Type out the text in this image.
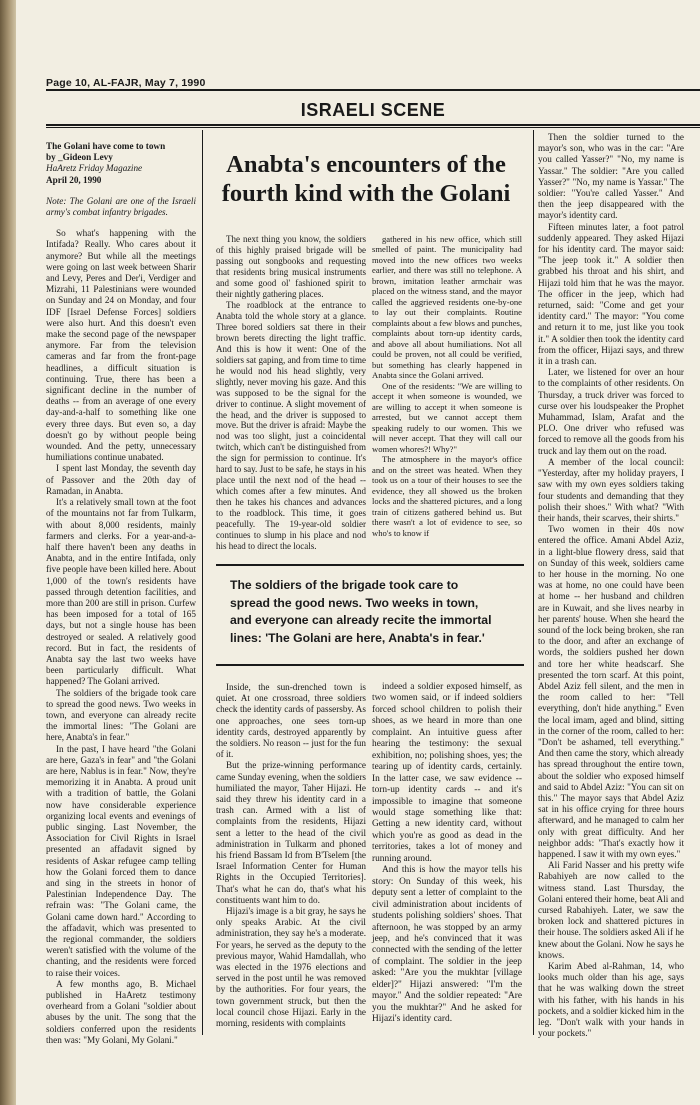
Page 10, AL-FAJR, May 7, 1990
ISRAELI SCENE
The Golani have come to town
by _Gideon Levy
HaAretz Friday Magazine
April 20, 1990

Note: The Golani are one of the Israeli army's combat infantry brigades.

So what's happening with the Intifada? Really. Who cares about it anymore? But while all the meetings were going on last week between Sharir and Levy, Peres and Der'i, Verdiger and Mizrahi, 11 Palestinians were wounded on Sunday and 24 on Monday, and four IDF [Israel Defense Forces] soldiers were also hurt. And this doesn't even make the second page of the newspaper anymore. Far from the television cameras and far from the front-page headlines, a difficult situation is continuing. True, there has been a significant decline in the number of deaths -- from an average of one every day-and-a-half to something like one every three days. But even so, a day doesn't go by without people being wounded. And the petty, unnecessary humiliations continue unabated.

I spent last Monday, the seventh day of Passover and the 20th day of Ramadan, in Anabta.

It's a relatively small town at the foot of the mountains not far from Tulkarm, with about 8,000 residents, mainly farmers and clerks. For a year-and-a-half there haven't been any deaths in Anabta, and in the entire Intifada, only five people have been killed here. About 1,000 of the town's residents have passed through detention facilities, and more than 200 are still in prison. Curfew has been imposed for a total of 165 days, but not a single house has been destroyed or sealed. A relatively good record. But in fact, the residents of Anabta say the last two weeks have been particularly difficult. What happened? The Golani arrived.

The soldiers of the brigade took care to spread the good news. Two weeks in town, and everyone can already recite the immortal lines: "The Golani are here, Anabta's in fear."

In the past, I have heard "the Golani are here, Gaza's in fear" and "the Golani are here, Nablus is in fear." Now, they're memorizing it in Anabta. A proud unit with a tradition of battle, the Golani now have considerable experience organizing local events and evenings of public singing. Last November, the Association for Civil Rights in Israel presented an affadavit signed by residents of Askar refugee camp telling how the Golani forced them to dance and sing in the streets in honor of Palestinian Independence Day. The refrain was: "The Golani came, the Golani came down hard." According to the affadavit, which was presented to the regional commander, the soldiers weren't satisfied with the volume of the chanting, and the residents were forced to raise their voices.

A few months ago, B. Michael published in HaAretz testimony overheard from a Golani "soldier about abuses by the unit. The song that the soldiers conferred upon the residents then was: "My Golani, My Golani."

Anabta's encounters of the fourth kind with the Golani

The next thing you know, the soldiers of this highly praised brigade will be passing out songbooks and requesting that residents bring musical instruments and some good ol' fashioned spirit to their nightly gathering places.

The roadblock at the entrance to Anabta told the whole story at a glance. Three bored soldiers sat there in their brown berets directing the light traffic. And this is how it went: One of the soldiers sat gaping, and from time to time he would nod his head slightly, very slightly, never moving his gaze. And this was supposed to be the signal for the driver to continue. A slight movement of the head, and the driver is supposed to move. But the driver is afraid: Maybe the nod was too slight, just a coincidental twitch, which can't be distinguished from the sign for permission to continue. It's hard to say. Just to be safe, he stays in his place until the next nod of the head -- which comes after a few minutes. And then he takes his chances and advances to the roadblock. This time, it goes peacefully. The 19-year-old soldier continues to slump in his place and nod his head to direct the locals.

gathered in his new office, which still smelled of paint. The municipality had moved into the new offices two weeks earlier, and there was still no telephone. A brown, imitation leather armchair was placed on the witness stand, and the mayor called the aggrieved residents one-by-one to lay out their complaints. Routine complaints about a few blows and punches, complaints about torn-up identity cards, and above all about humiliations. Not all could be proven, not all could be verified, but something has clearly happened in Anabta since the Golani arrived.

One of the residents: "We are willing to accept it when someone is wounded, we are willing to accept it when someone is arrested, but we cannot accept them speaking rudely to our women. This we will never accept. That they will call our women whores?! Why?"

The atmosphere in the mayor's office and on the street was heated. When they took us on a tour of their houses to see the evidence, they all showed us the broken locks and the shattered pictures, and a long train of citizens gathered behind us. But there wasn't a lot of evidence to see, so who's to know if

The soldiers of the brigade took care to spread the good news. Two weeks in town, and everyone can already recite the immortal lines: 'The Golani are here, Anabta's in fear.'

Inside, the sun-drenched town is quiet. At one crossroad, three soldiers check the identity cards of passersby. As one approaches, one sees torn-up identity cards, destroyed apparently by the soldiers. No reason -- just for the fun of it.

But the prize-winning performance came Sunday evening, when the soldiers humiliated the mayor, Taher Hijazi. He said they threw his identity card in a trash can. Armed with a list of complaints from the residents, Hijazi sent a letter to the head of the civil administration in Tulkarm and phoned his friend Bassam Id from B'Tselem [the Israel Information Center for Human Rights in the Occupied Territories]. That's what he can do, that's what his constituents want him to do.

Hijazi's image is a bit gray, he says he only speaks Arabic. At the civil administration, they say he's a moderate. For years, he served as the deputy to the previous mayor, Wahid Hamdallah, who was elected in the 1976 elections and served in the post until he was removed by the authorities. For four years, the town government struck, but then the local council chose Hijazi. Early in the morning, residents with complaints

indeed a soldier exposed himself, as two women said, or if indeed soldiers forced school children to polish their shoes, as we heard in more than one complaint. An intuitive guess after hearing the testimony: the sexual exhibition, no; polishing shoes, yes; the tearing up of identity cards, certainly. In the latter case, we saw evidence -- torn-up identity cards -- and it's impossible to imagine that someone would stage something like that: Getting a new identity card, without which you're as good as dead in the territories, takes a lot of money and running around.

And this is how the mayor tells his story: On Sunday of this week, his deputy sent a letter of complaint to the civil administration about incidents of students polishing soldiers' shoes. That afternoon, he was stopped by an army jeep, and he's convinced that it was connected with the sending of the letter of complaint. The soldier in the jeep asked: "Are you the mukhtar [village elder]?" Hijazi answered: "I'm the mayor." And the soldier repeated: "Are you the mukhtar?" And he asked for Hijazi's identity card.

Then the soldier turned to the mayor's son, who was in the car: "Are you called Yasser?" "No, my name is Yassar." The soldier: "Are you called Yasser?" "No, my name is Yassar." The soldier: "You're called Yasser." And then the jeep disappeared with the mayor's identity card.

Fifteen minutes later, a foot patrol suddenly appeared. They asked Hijazi for his identity card. The mayor said: "The jeep took it." A soldier then grabbed his throat and his shirt, and Hijazi told him that he was the mayor. The officer in the jeep, which had returned, said: "Come and get your identity card." The mayor: "You come and return it to me, just like you took it." A soldier then took the identity card from the officer, Hijazi says, and threw it in a trash can.

Later, we listened for over an hour to the complaints of other residents. On Thursday, a truck driver was forced to curse over his loudspeaker the Prophet Muhammad, Islam, Arafat and the PLO. One driver who refused was forced to remove all the goods from his truck and lay them out on the road.

A member of the local council: "Yesterday, after my holiday prayers, I saw with my own eyes soldiers taking four students and demanding that they polish their shoes." With what? "With their hands, their scarves, their shirts."

Two women in their 40s now entered the office. Amani Abdel Aziz, in a light-blue flowery dress, said that on Sunday of this week, soldiers came to her house in the morning. No one was at home, no one could have been at home -- her husband and children are in Kuwait, and she lives nearby in her parents' house. When she heard the sound of the lock being broken, she ran to the door, and after an exchange of words, the soldiers pushed her down and tore her white headscarf. She presented the torn scarf. At this point, Abdel Aziz fell silent, and the men in the room called to her: "Tell everything, don't hide anything." Even the local imam, aged and blind, sitting in the corner of the room, called to her: "Don't be ashamed, tell everything." And then came the story, which already has spread throughout the entire town, about the soldier who exposed himself and said to Abdel Aziz: "You can sit on this." The mayor says that Abdel Aziz sat in his office crying for three hours afterward, and he managed to calm her only with great difficulty. And her neighbor adds: "That's exactly how it happened. I saw it with my own eyes."

Ali Farid Nasser and his pretty wife Rabahiyeh are now called to the witness stand. Last Thursday, the Golani entered their home, beat Ali and cursed Rabahiyeh. Later, we saw the broken lock and shattered pictures in their house. The soldiers asked Ali if he knew about the Golani. Now he says he knows.

Karim Abed al-Rahman, 14, who looks much older than his age, says that he was walking down the street with his father, with his hands in his pockets, and a soldier kicked him in the leg. "Don't walk with your hands in your pockets."
